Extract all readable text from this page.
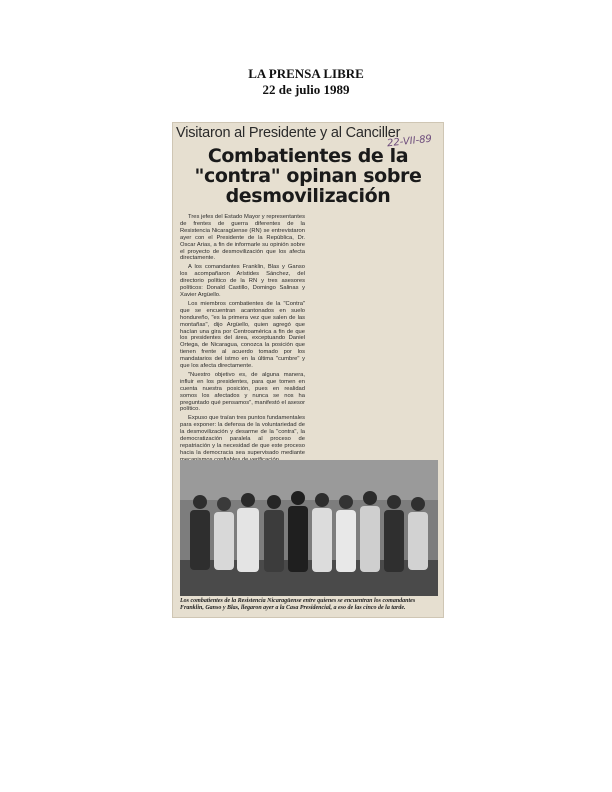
LA PRENSA LIBRE
22 de julio 1989
Visitaron al Presidente y al Canciller
22-VII-89
Combatientes de la "contra" opinan sobre desmovilización

Tres jefes del Estado Mayor y representantes de frentes de guerra diferentes de la Resistencia Nicaragüense (RN) se entrevistaron ayer con el Presidente de la República, Dr. Oscar Arias, a fin de informarle su opinión sobre el proyecto de desmovilización que los afecta directamente.

A los comandantes Franklin, Blas y Ganso los acompañaron Arístides Sánchez, del directorio político de la RN y tres asesores políticos: Donald Castillo, Domingo Salinas y Xavier Argüello.

Los miembros combatientes de la "Contra" que se encuentran acantonados en suelo hondureño, "es la primera vez que salen de las montañas", dijo Argüello, quien agregó que hacían una gira por Centroamérica a fin de que los presidentes del área, exceptuando Daniel Ortega, de Nicaragua, conozca la posición que tienen frente al acuerdo tomado por los mandatarios del istmo en la última "cumbre" y que los afecta directamente.

"Nuestro objetivo es, de alguna manera, influir en los presidentes, para que tomen en cuenta nuestra posición, pues en realidad somos los afectados y nunca se nos ha preguntado qué pensamos", manifestó el asesor político.

Expuso que traían tres puntos fundamentales para exponer: la defensa de la voluntariedad de la desmovilización y desarme de la "contra", la democratización paralela al proceso de repatriación y la necesidad de que este proceso hacia la democracia sea supervisado mediante

Los combatientes de la Resistencia Nicaragüense entre quienes se encuentran los comandantes Franklin, Ganso y Blas, llegaron ayer a la Casa Presidencial, a eso de las cinco de la tarde.
